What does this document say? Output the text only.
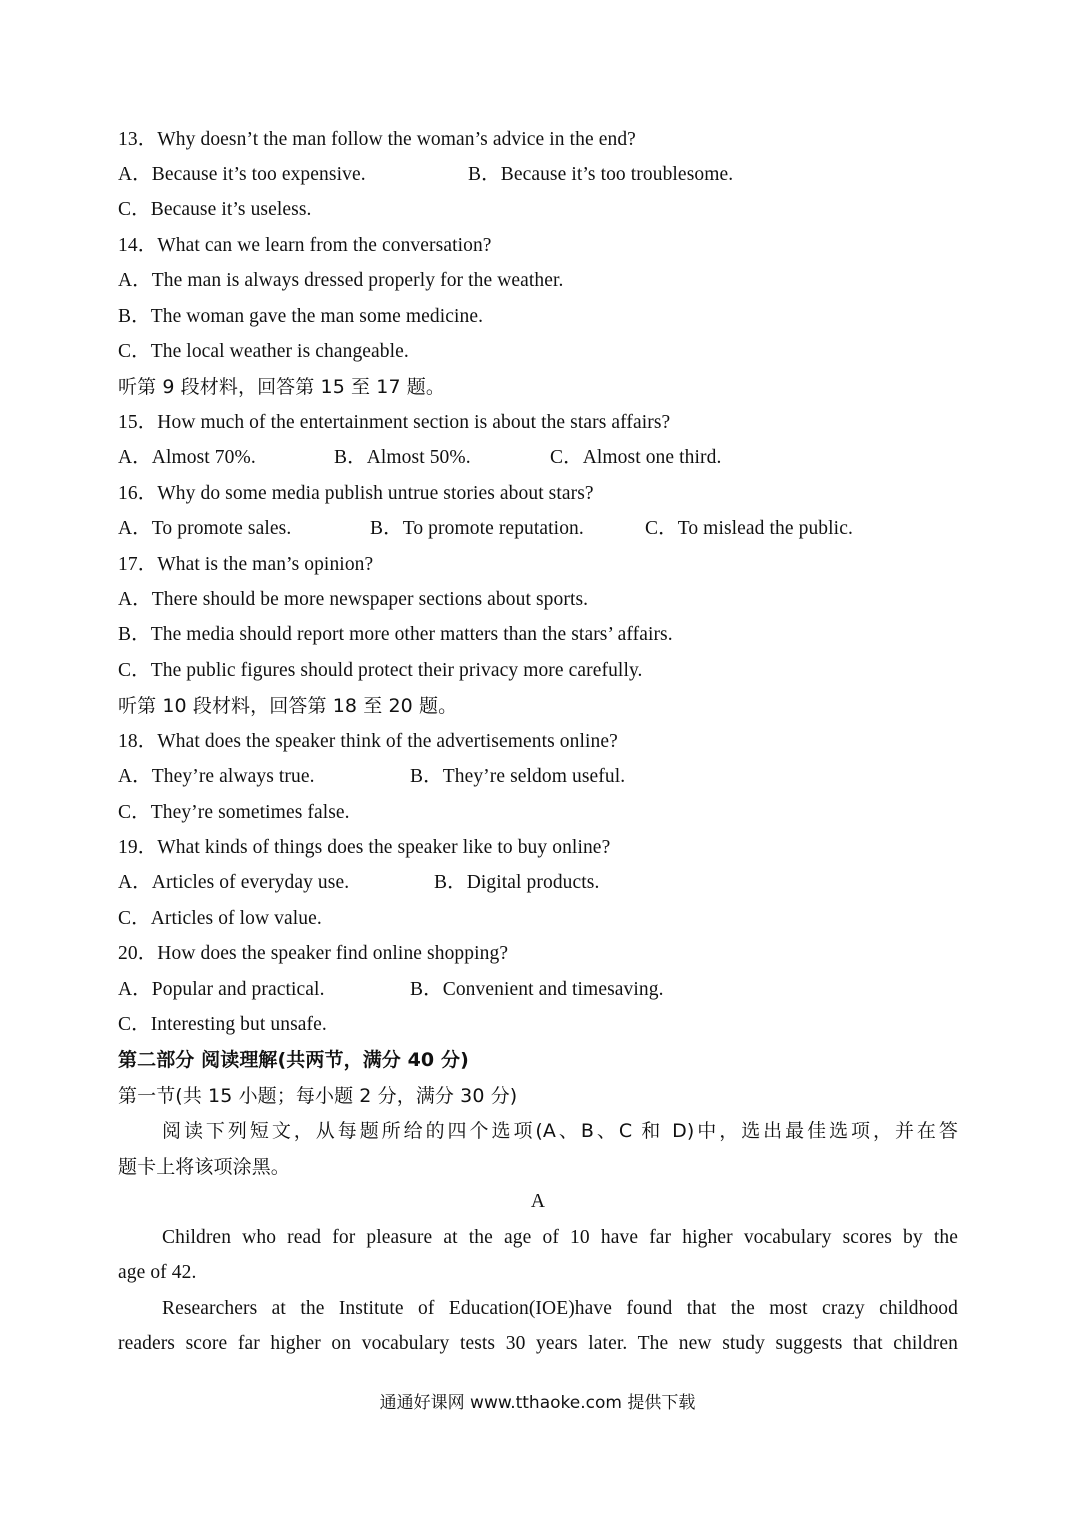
13．Why doesn’t the man follow the woman’s advice in the end?
A．Because it’s too expensive.	B．Because it’s too troublesome.
C．Because it’s useless.
14．What can we learn from the conversation?
A．The man is always dressed properly for the weather.
B．The woman gave the man some medicine.
C．The local weather is changeable.
听第 9 段材料，回答第 15 至 17 题。
15．How much of the entertainment section is about the stars affairs?
A．Almost 70%.	B．Almost 50%.	C．Almost one third.
16．Why do some media publish untrue stories about stars?
A．To promote sales.	B．To promote reputation.	C．To mislead the public.
17．What is the man’s opinion?
A．There should be more newspaper sections about sports.
B．The media should report more other matters than the stars’ affairs.
C．The public figures should protect their privacy more carefully.
听第 10 段材料，回答第 18 至 20 题。
18．What does the speaker think of the advertisements online?
A．They’re always true.	B．They’re seldom useful.
C．They’re sometimes false.
19．What kinds of things does the speaker like to buy online?
A．Articles of everyday use.	B．Digital products.
C．Articles of low value.
20．How does the speaker find online shopping?
A．Popular and practical.	B．Convenient and timesaving.
C．Interesting but unsafe.
第二部分 阅读理解(共两节，满分 40 分)
第一节(共 15 小题；每小题 2 分，满分 30 分)
阅读下列短文，从每题所给的四个选项(A、B、C 和 D)中，选出最佳选项，并在答
题卡上将该项涂黑。
A
Children who read for pleasure at the age of 10 have far higher vocabulary scores by the
age of 42.
Researchers at the Institute of Education(IOE)have found that the most crazy childhood
readers score far higher on vocabulary tests 30 years later. The new study suggests that children
通通好课网 www.tthaoke.com 提供下载
